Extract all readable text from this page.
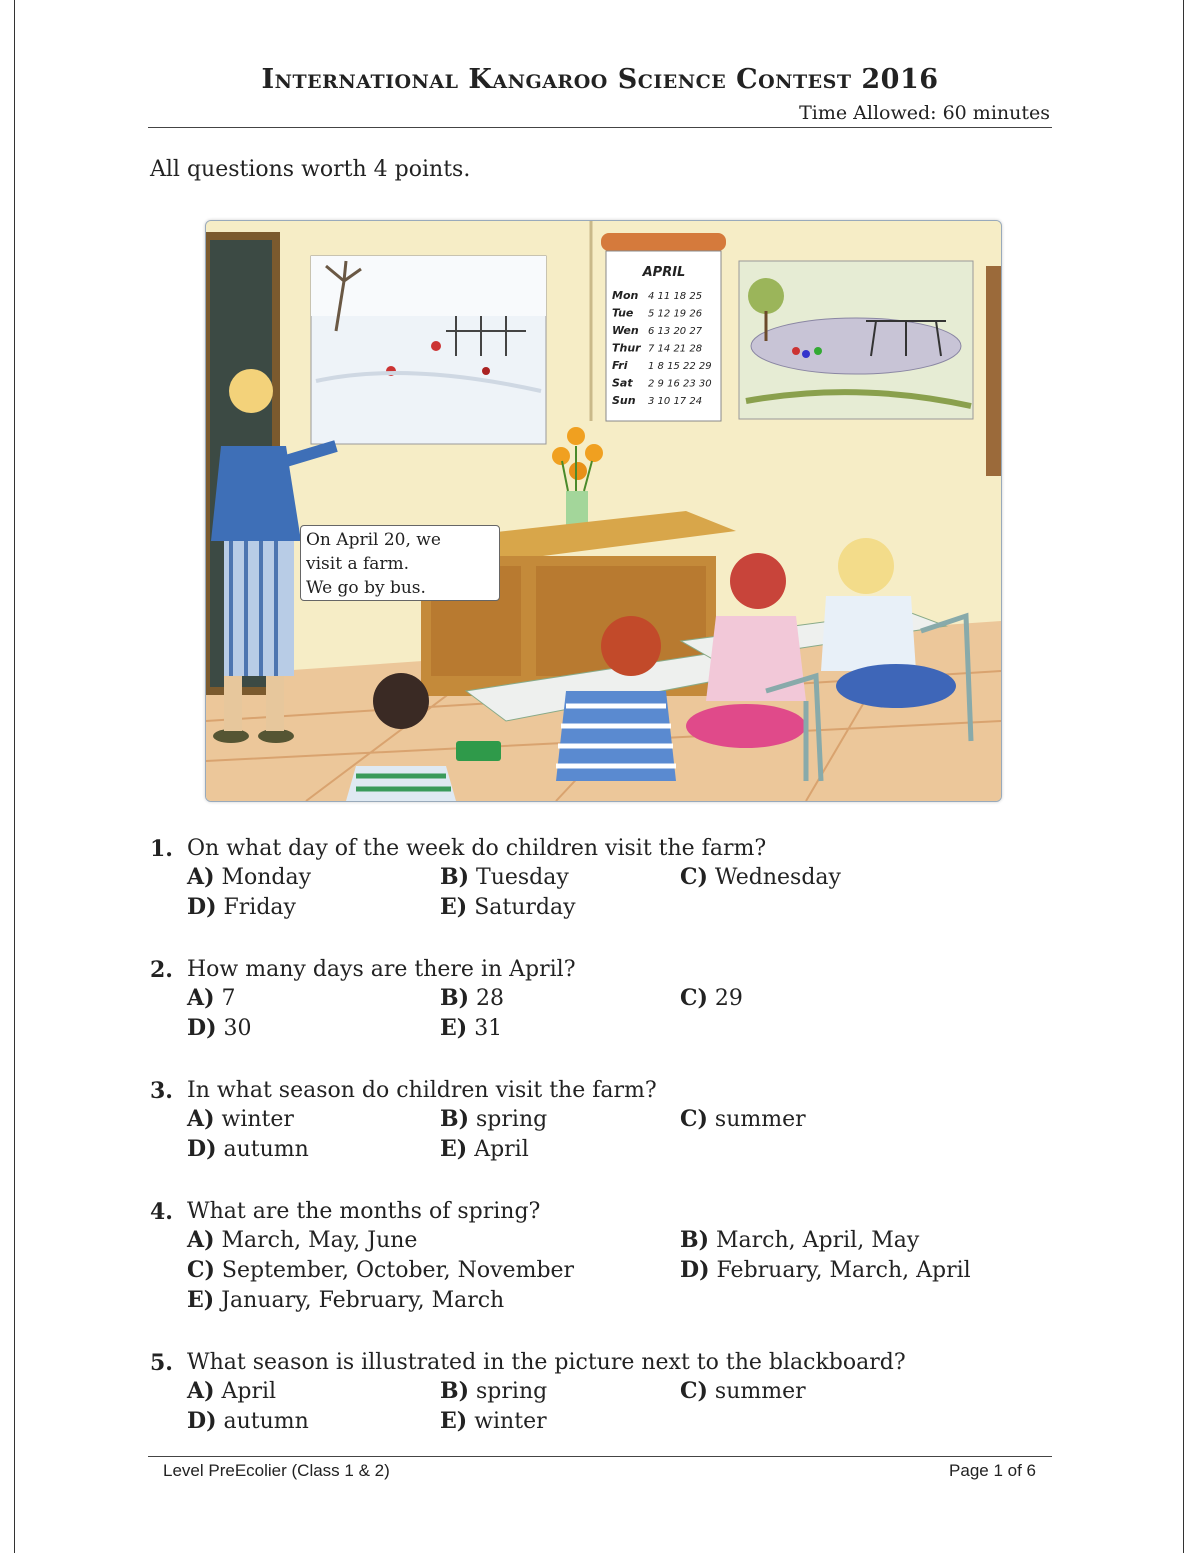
International Kangaroo Science Contest 2016
Time Allowed: 60 minutes
All questions worth 4 points.
APRIL
Mon 4 11 18 25
Tue 5 12 19 26
Wen 6 13 20 27
Thur 7 14 21 28
Fri 1 8 15 22 29
Sat 2 9 16 23 30
Sun 3 10 17 24
On April 20, we
visit a farm.
We go by bus.
1. On what day of the week do children visit the farm?
A) Monday	B) Tuesday	C) Wednesday
D) Friday	E) Saturday
2. How many days are there in April?
A) 7	B) 28	C) 29
D) 30	E) 31
3. In what season do children visit the farm?
A) winter	B) spring	C) summer
D) autumn	E) April
4. What are the months of spring?
A) March, May, June	B) March, April, May
C) September, October, November	D) February, March, April
E) January, February, March
5. What season is illustrated in the picture next to the blackboard?
A) April	B) spring	C) summer
D) autumn	E) winter
Level PreEcolier (Class 1 & 2)	Page 1 of 6
